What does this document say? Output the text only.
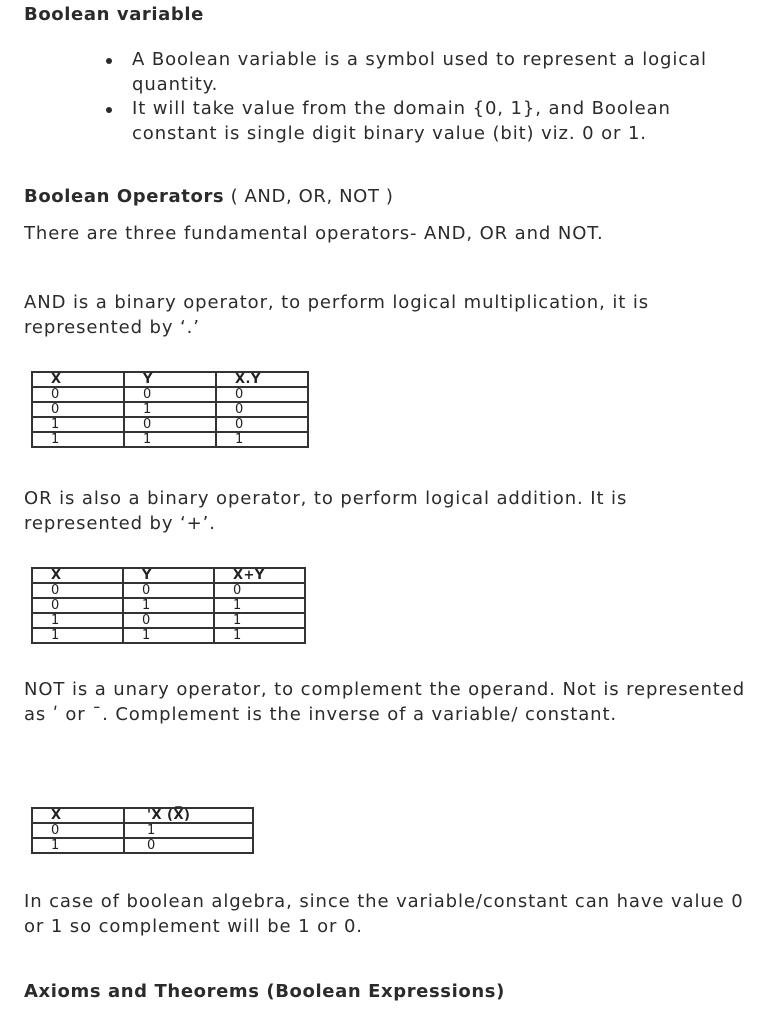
Boolean variable
A Boolean variable is a symbol used to represent a logical quantity.
It will take value from the domain {0, 1}, and Boolean constant is single digit binary value (bit) viz. 0 or 1.
Boolean Operators ( AND, OR, NOT )

There are three fundamental operators- AND, OR and NOT.

AND is a binary operator, to perform logical multiplication, it is represented by ‘.’

X	Y	X.Y
0	0	0
0	1	0
1	0	0
1	1	1

OR is also a binary operator, to perform logical addition. It is represented by ‘+’.

X	Y	X+Y
0	0	0
0	1	1
1	0	1
1	1	1

NOT is a unary operator, to complement the operand. Not is represented as ʹ or ¯. Complement is the inverse of a variable/ constant.

X	'X (X̅)
0	1
1	0

In case of boolean algebra, since the variable/constant can have value 0 or 1 so complement will be 1 or 0.

Axioms and Theorems (Boolean Expressions)
